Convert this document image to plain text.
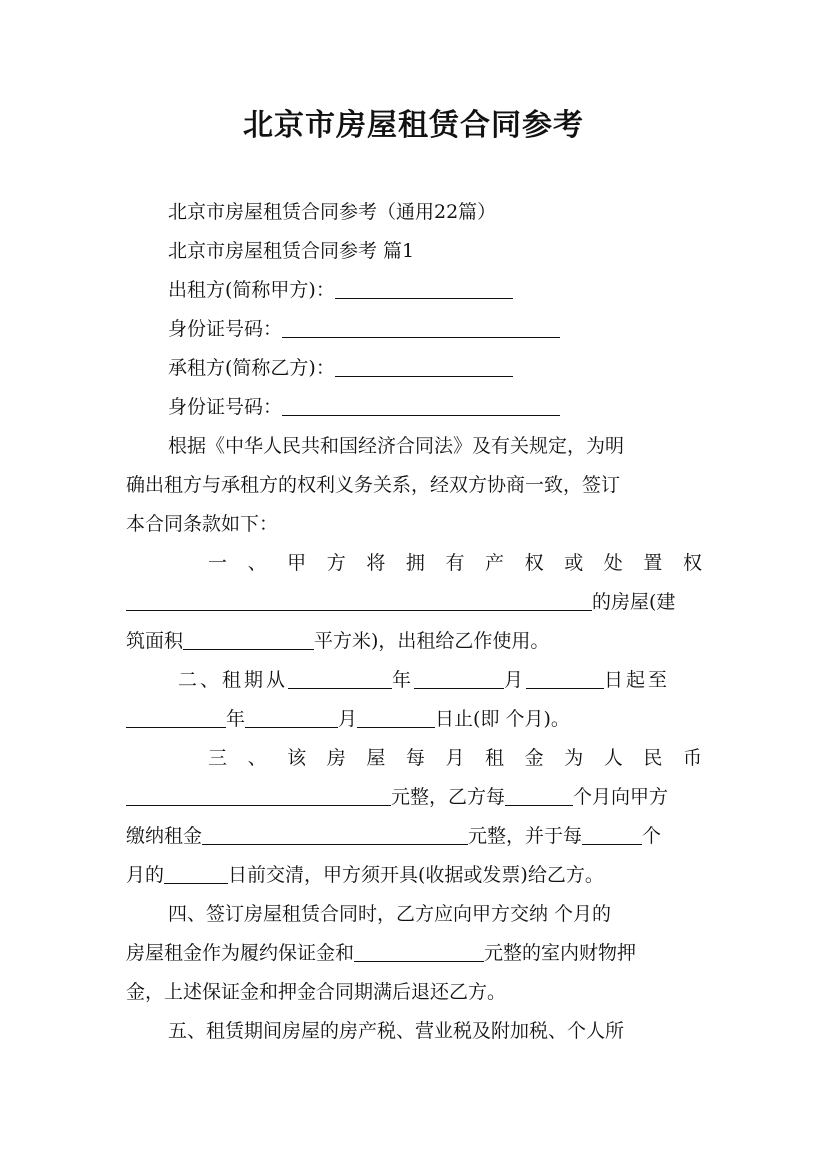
北京市房屋租赁合同参考
北京市房屋租赁合同参考（通用22篇）
北京市房屋租赁合同参考 篇1
出租方(简称甲方)：
身份证号码：
承租方(简称乙方)：
身份证号码：
根据《中华人民共和国经济合同法》及有关规定，为明
确出租方与承租方的权利义务关系，经双方协商一致，签订
本合同条款如下：
一 、 甲 方 将 拥 有 产 权 或 处 置 权
的房屋(建
筑面积	平方米)，出租给乙作使用。
二、租期从	年	月	日起至
年	月	日止(即 个月)。
三 、 该 房 屋 每 月 租 金 为 人 民 币
元整，乙方每	个月向甲方
缴纳租金	元整，并于每	个
月的	日前交清，甲方须开具(收据或发票)给乙方。
四、签订房屋租赁合同时，乙方应向甲方交纳 个月的
房屋租金作为履约保证金和	元整的室内财物押
金，上述保证金和押金合同期满后退还乙方。
五、租赁期间房屋的房产税、营业税及附加税、个人所
